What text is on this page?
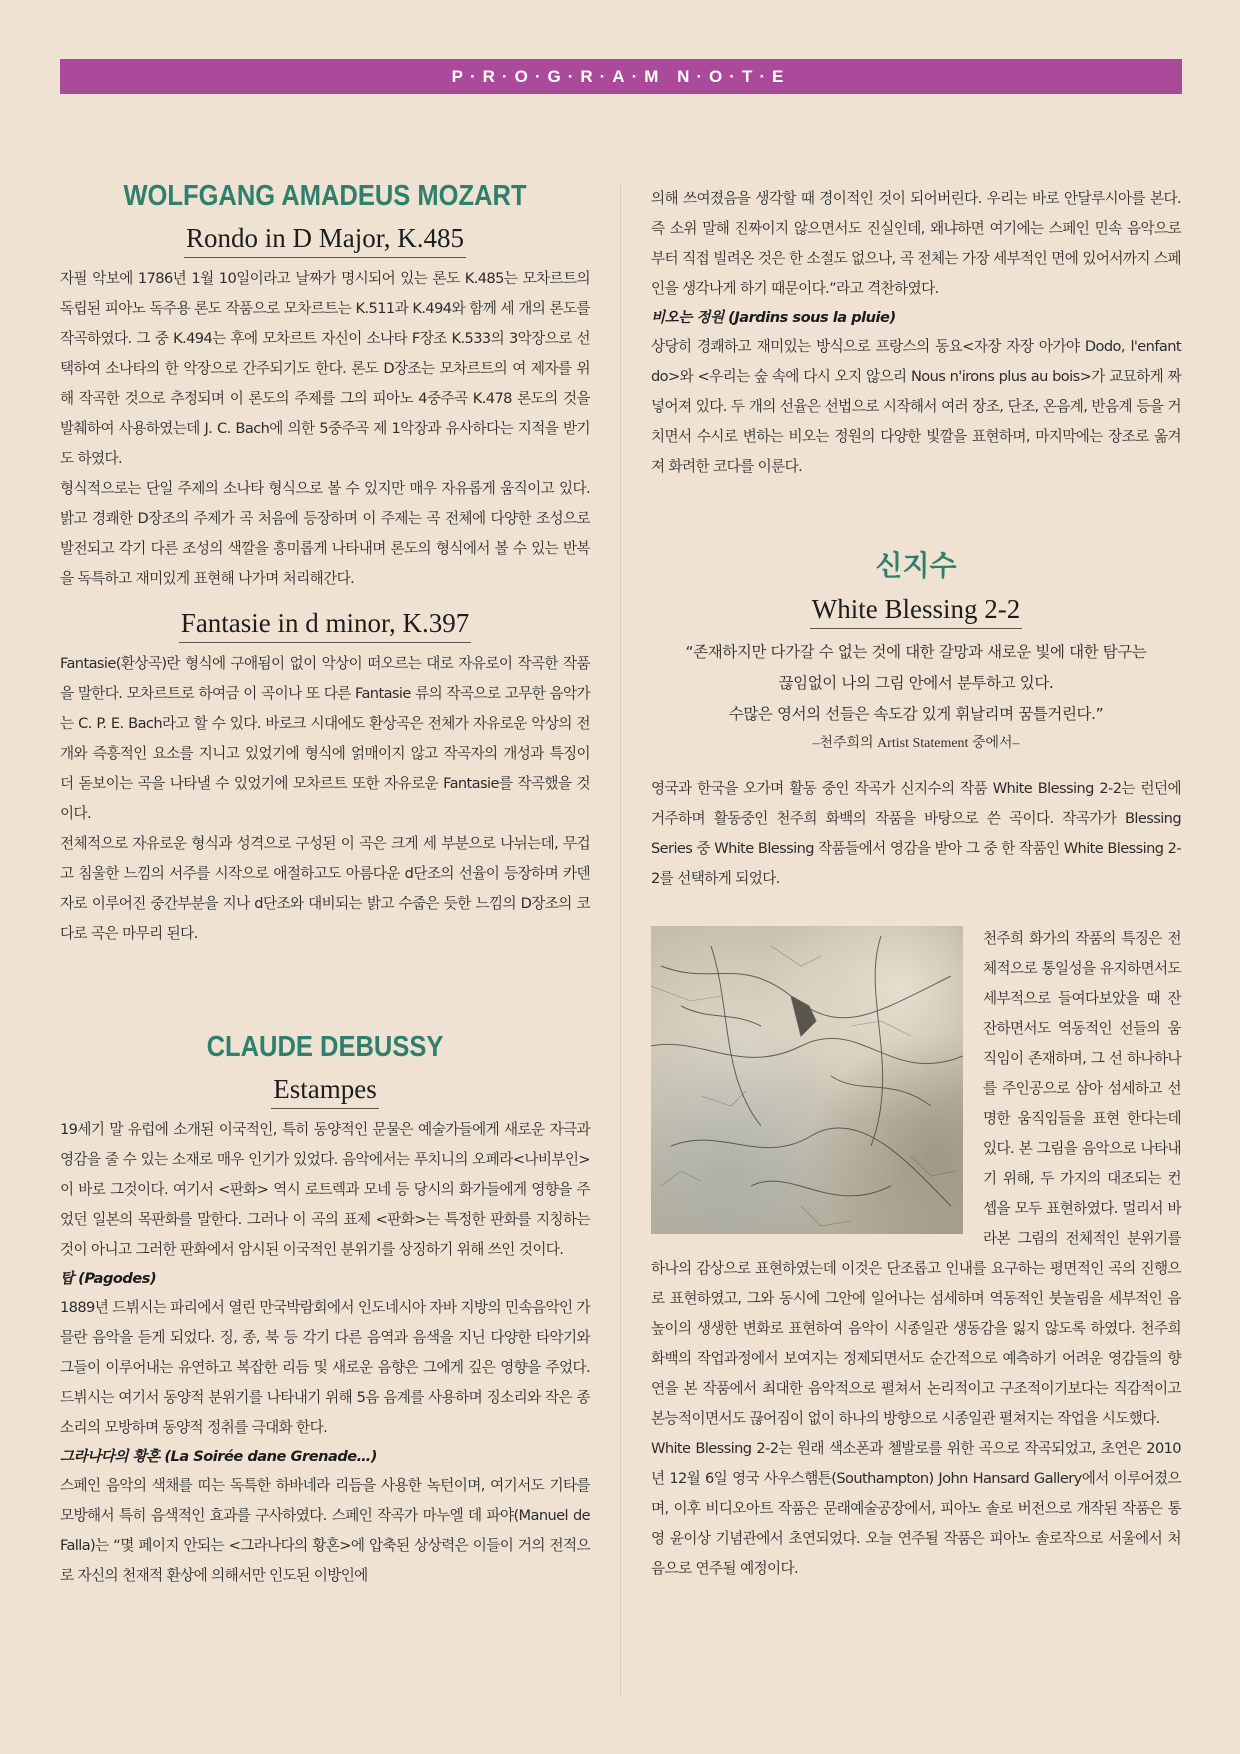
P·R·O·G·R·A·M N·O·T·E
WOLFGANG AMADEUS MOZART
Rondo in D Major, K.485

자필 악보에 1786년 1월 10일이라고 날짜가 명시되어 있는 론도 K.485는 모차르트의 독립된 피아노 독주용 론도 작품으로 모차르트는 K.511과 K.494와 함께 세 개의 론도를 작곡하였다. 그 중 K.494는 후에 모차르트 자신이 소나타 F장조 K.533의 3악장으로 선택하여 소나타의 한 악장으로 간주되기도 한다. 론도 D장조는 모차르트의 여 제자를 위해 작곡한 것으로 추정되며 이 론도의 주제를 그의 피아노 4중주곡 K.478 론도의 것을 발췌하여 사용하였는데 J. C. Bach에 의한 5중주곡 제 1악장과 유사하다는 지적을 받기도 하였다.

형식적으로는 단일 주제의 소나타 형식으로 볼 수 있지만 매우 자유롭게 움직이고 있다. 밝고 경쾌한 D장조의 주제가 곡 처음에 등장하며 이 주제는 곡 전체에 다양한 조성으로 발전되고 각기 다른 조성의 색깔을 흥미롭게 나타내며 론도의 형식에서 볼 수 있는 반복을 독특하고 재미있게 표현해 나가며 처리해간다.

Fantasie in d minor, K.397

Fantasie(환상곡)란 형식에 구애됨이 없이 악상이 떠오르는 대로 자유로이 작곡한 작품을 말한다. 모차르트로 하여금 이 곡이나 또 다른 Fantasie 류의 작곡으로 고무한 음악가는 C. P. E. Bach라고 할 수 있다. 바로크 시대에도 환상곡은 전체가 자유로운 악상의 전개와 즉흥적인 요소를 지니고 있었기에 형식에 얽매이지 않고 작곡자의 개성과 특징이 더 돋보이는 곡을 나타낼 수 있었기에 모차르트 또한 자유로운 Fantasie를 작곡했을 것이다.

전체적으로 자유로운 형식과 성격으로 구성된 이 곡은 크게 세 부분으로 나뉘는데, 무겁고 침울한 느낌의 서주를 시작으로 애절하고도 아름다운 d단조의 선율이 등장하며 카덴자로 이루어진 중간부분을 지나 d단조와 대비되는 밝고 수줍은 듯한 느낌의 D장조의 코다로 곡은 마무리 된다.

CLAUDE DEBUSSY
Estampes

19세기 말 유럽에 소개된 이국적인, 특히 동양적인 문물은 예술가들에게 새로운 자극과 영감을 줄 수 있는 소재로 매우 인기가 있었다. 음악에서는 푸치니의 오페라<나비부인>이 바로 그것이다. 여기서 <판화> 역시 로트렉과 모네 등 당시의 화가들에게 영향을 주었던 일본의 목판화를 말한다. 그러나 이 곡의 표제 <판화>는 특정한 판화를 지칭하는 것이 아니고 그러한 판화에서 암시된 이국적인 분위기를 상징하기 위해 쓰인 것이다.

탑 (Pagodes)

1889년 드뷔시는 파리에서 열린 만국박람회에서 인도네시아 자바 지방의 민속음악인 가믈란 음악을 듣게 되었다. 징, 종, 북 등 각기 다른 음역과 음색을 지닌 다양한 타악기와 그들이 이루어내는 유연하고 복잡한 리듬 및 새로운 음향은 그에게 깊은 영향을 주었다. 드뷔시는 여기서 동양적 분위기를 나타내기 위해 5음 음계를 사용하며 징소리와 작은 종소리의 모방하며 동양적 정취를 극대화 한다.

그라나다의 황혼 (La Soirée dane Grenade…)

스페인 음악의 색채를 띠는 독특한 하바네라 리듬을 사용한 녹턴이며, 여기서도 기타를 모방해서 특히 음색적인 효과를 구사하였다. 스페인 작곡가 마누엘 데 파야(Manuel de Falla)는 “몇 페이지 안되는 <그라나다의 황혼>에 압축된 상상력은 이들이 거의 전적으로 자신의 천재적 환상에 의해서만 인도된 이방인에

의해 쓰여졌음을 생각할 때 경이적인 것이 되어버린다. 우리는 바로 안달루시아를 본다. 즉 소위 말해 진짜이지 않으면서도 진실인데, 왜냐하면 여기에는 스페인 민속 음악으로부터 직접 빌려온 것은 한 소절도 없으나, 곡 전체는 가장 세부적인 면에 있어서까지 스페인을 생각나게 하기 때문이다.”라고 격찬하였다.

비오는 정원 (Jardins sous la pluie)

상당히 경쾌하고 재미있는 방식으로 프랑스의 동요<자장 자장 아가야 Dodo, l'enfant do>와 <우리는 숲 속에 다시 오지 않으리 Nous n'irons plus au bois>가 교묘하게 짜 넣어져 있다. 두 개의 선율은 선법으로 시작해서 여러 장조, 단조, 온음계, 반음계 등을 거치면서 수시로 변하는 비오는 정원의 다양한 빛깔을 표현하며, 마지막에는 장조로 옮겨져 화려한 코다를 이룬다.

신지수
White Blessing 2-2
“존재하지만 다가갈 수 없는 것에 대한 갈망과 새로운 빛에 대한 탐구는
끊임없이 나의 그림 안에서 분투하고 있다.
수많은 영서의 선들은 속도감 있게 휘날리며 꿈틀거린다.”

–천주희의 Artist Statement 중에서–

영국과 한국을 오가며 활동 중인 작곡가 신지수의 작품 White Blessing 2-2는 런던에 거주하며 활동중인 천주희 화백의 작품을 바탕으로 쓴 곡이다. 작곡가가 Blessing Series 중 White Blessing 작품들에서 영감을 받아 그 중 한 작품인 White Blessing 2-2를 선택하게 되었다.

천주희 화가의 작품의 특징은 전체적으로 통일성을 유지하면서도 세부적으로 들여다보았을 때 잔잔하면서도 역동적인 선들의 움직임이 존재하며, 그 선 하나하나를 주인공으로 삼아 섬세하고 선명한 움직임들을 표현 한다는데 있다. 본 그림을 음악으로 나타내기 위해, 두 가지의 대조되는 컨셉을 모두 표현하였다. 멀리서 바라본 그림의 전체적인 분위기를 하나의 감상으로 표현하였는데 이것은 단조롭고 인내를 요구하는 평면적인 곡의 진행으로 표현하였고, 그와 동시에 그안에 일어나는 섬세하며 역동적인 붓놀림을 세부적인 음 높이의 생생한 변화로 표현하여 음악이 시종일관 생동감을 잃지 않도록 하였다. 천주희 화백의 작업과정에서 보여지는 정제되면서도 순간적으로 예측하기 어려운 영감들의 향연을 본 작품에서 최대한 음악적으로 펼쳐서 논리적이고 구조적이기보다는 직감적이고 본능적이면서도 끊어짐이 없이 하나의 방향으로 시종일관 펼쳐지는 작업을 시도했다.

White Blessing 2-2는 원래 색소폰과 첼발로를 위한 곡으로 작곡되었고, 초연은 2010년 12월 6일 영국 사우스햄튼(Southampton) John Hansard Gallery에서 이루어졌으며, 이후 비디오아트 작품은 문래예술공장에서, 피아노 솔로 버전으로 개작된 작품은 통영 윤이상 기념관에서 초연되었다. 오늘 연주될 작품은 피아노 솔로작으로 서울에서 처음으로 연주될 예정이다.
